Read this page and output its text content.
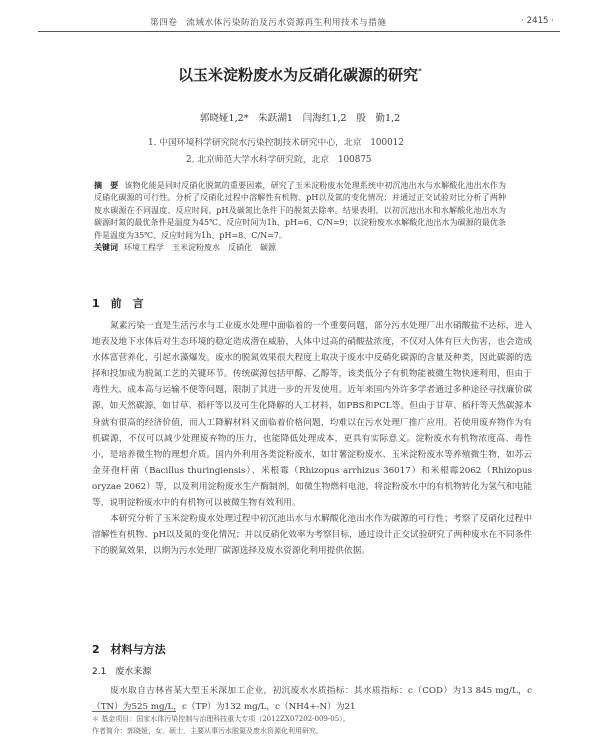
第四卷　流域水体污染防治及污水资源再生利用技术与措施	· 2415 ·
以玉米淀粉废水为反硝化碳源的研究*
郭晓娅1,2*　朱跃湖1　闫海红1,2　殷　勤1,2
1. 中国环境科学研究院水污染控制技术研究中心，北京　100012
2. 北京师范大学水科学研究院，北京　100875
摘　要 该物化能是同时反硝化脱氮的重要因素，研究了玉米淀粉废水处理系统中初沉池出水与水解酸化池出水作为反硝化碳源的可行性。分析了反硝化过程中溶解性有机物、pH以及氮的变化情况；并通过正交试验对比分析了两种废水碳源在不同温度、反应时间、pH及碳氮比条件下的脱氮去除率。结果表明，以初沉池出水和水解酸化池出水为碳源时氮的最优条件是温度为45℃、反应时间为1h、pH=6、C/N=9；以淀粉废水水解酸化池出水为碳源的最优条件是温度为35℃、反应时间为1h、pH=8、C/N=7。
关键词 环境工程学　玉米淀粉废水　反硝化　碳源
1　前　言

氮素污染一直是生活污水与工业废水处理中面临着的一个重要问题，部分污水处理厂出水硝酸盐不达标，进入地表及地下水体后对生态环境的稳定造成潜在威胁，人体中过高的硝酸盐浓度，不仅对人体有巨大伤害，也会造成水体富营养化，引起水藻爆发。废水的脱氮效果很大程度上取决于废水中反硝化碳源的含量及种类，因此碳源的选择和投加成为脱氮工艺的关键环节。传统碳源包括甲醇、乙醇等，该类低分子有机物能被微生物快速利用，但由于毒性大、成本高与运输不便等问题，限制了其进一步的开发使用。近年来国内外许多学者通过多种途径寻找廉价碳源，如天然碳源，如甘草、稻秆等以及可生化降解的人工材料，如PBS和PCL等。但由于甘草、稻秆等天然碳源本身就有很高的经济价值，而人工降解材料又面临着价格问题，均难以在污水处理厂推广应用。若使用废弃物作为有机碳源，不仅可以减少处理废弃物的压力，也能降低处理成本，更具有实际意义。淀粉废水有机物浓度高、毒性小，是培养微生物的理想介质。国内外利用各类淀粉废水，如甘薯淀粉废水、玉米淀粉废水等养殖微生物，如苏云金芽孢杆菌（Bacillus thuringiensis）、米根霉（Rhizopus arrhizus 36017）和米根霉2062（Rhizopus oryzae 2062）等，以及利用淀粉废水生产酶制剂，如微生物燃料电池，将淀粉废水中的有机物转化为氢气和电能等，说明淀粉废水中的有机物可以被微生物有效利用。

本研究分析了玉米淀粉废水处理过程中初沉池出水与水解酸化池出水作为碳源的可行性；考察了反硝化过程中溶解性有机物、pH以及氮的变化情况；并以反硝化效率为考察目标，通过设计正交试验研究了两种废水在不同条件下的脱氮效果，以期为污水处理厂碳源选择及废水资源化利用提供依据。

2　材料与方法
2.1　废水来源

废水取自吉林省某大型玉米深加工企业，初沉废水水质指标：其水质指标：c（COD）为13 845 mg/L，c（TN）为525 mg/L，c（TP）为132 mg/L，c（NH4+-N）为21

＊ 基金项目：国家水体污染控制与治理科技重大专项（2012ZX07202-009-05）。
作者简介：郭晓娅，女，硕士，主要从事污水脱氮及废水资源化利用研究。
